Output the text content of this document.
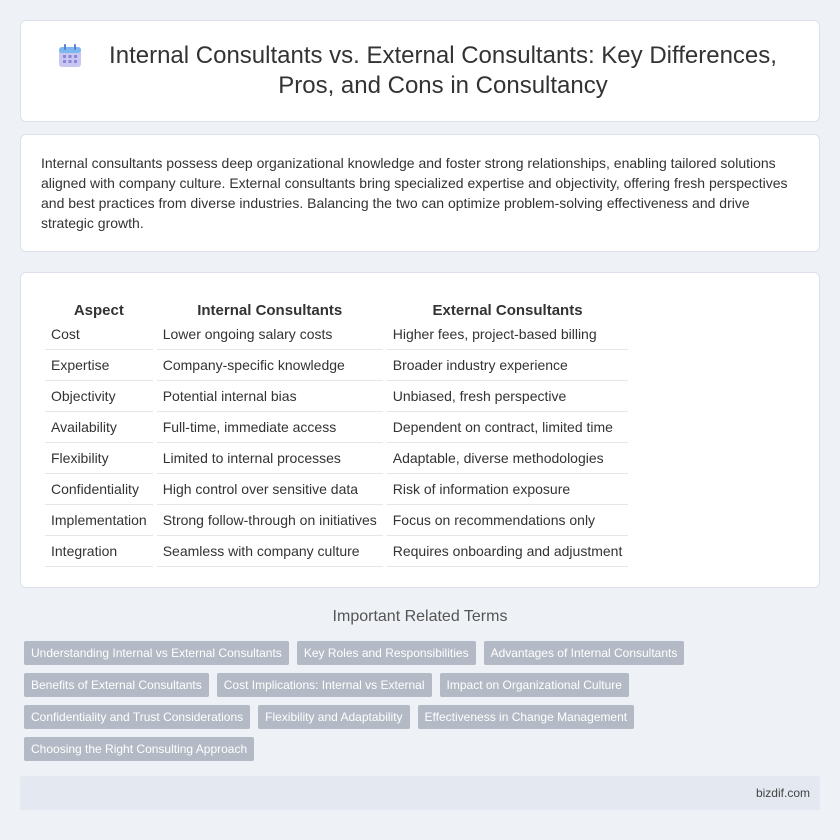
Internal Consultants vs. External Consultants: Key Differences, Pros, and Cons in Consultancy

Internal consultants possess deep organizational knowledge and foster strong relationships, enabling tailored solutions aligned with company culture. External consultants bring specialized expertise and objectivity, offering fresh perspectives and best practices from diverse industries. Balancing the two can optimize problem-solving effectiveness and drive strategic growth.

Aspect	Internal Consultants	External Consultants
Cost	Lower ongoing salary costs	Higher fees, project-based billing
Expertise	Company-specific knowledge	Broader industry experience
Objectivity	Potential internal bias	Unbiased, fresh perspective
Availability	Full-time, immediate access	Dependent on contract, limited time
Flexibility	Limited to internal processes	Adaptable, diverse methodologies
Confidentiality	High control over sensitive data	Risk of information exposure
Implementation	Strong follow-through on initiatives	Focus on recommendations only
Integration	Seamless with company culture	Requires onboarding and adjustment
Important Related Terms
Understanding Internal vs External Consultants	Key Roles and Responsibilities	Advantages of Internal Consultants
Benefits of External Consultants	Cost Implications: Internal vs External	Impact on Organizational Culture
Confidentiality and Trust Considerations	Flexibility and Adaptability	Effectiveness in Change Management
Choosing the Right Consulting Approach
bizdif.com
